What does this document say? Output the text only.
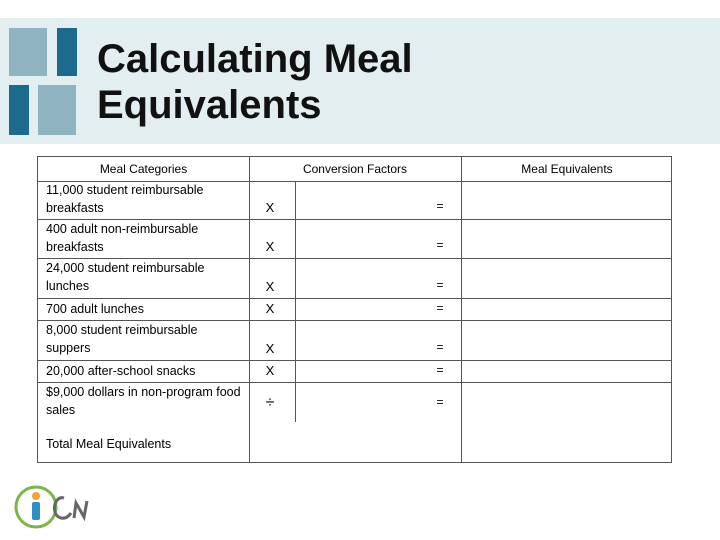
Calculating Meal
Equivalents
Meal Categories	Conversion Factors	Meal Equivalents
11,000 student reimbursable breakfasts	X	=
400 adult non-reimbursable breakfasts	X	=
24,000 student reimbursable lunches	X	=
700 adult lunches	X	=
8,000 student reimbursable suppers	X	=
20,000 after-school snacks	X	=
$9,000 dollars in non-program food sales	÷	=
Total Meal Equivalents
